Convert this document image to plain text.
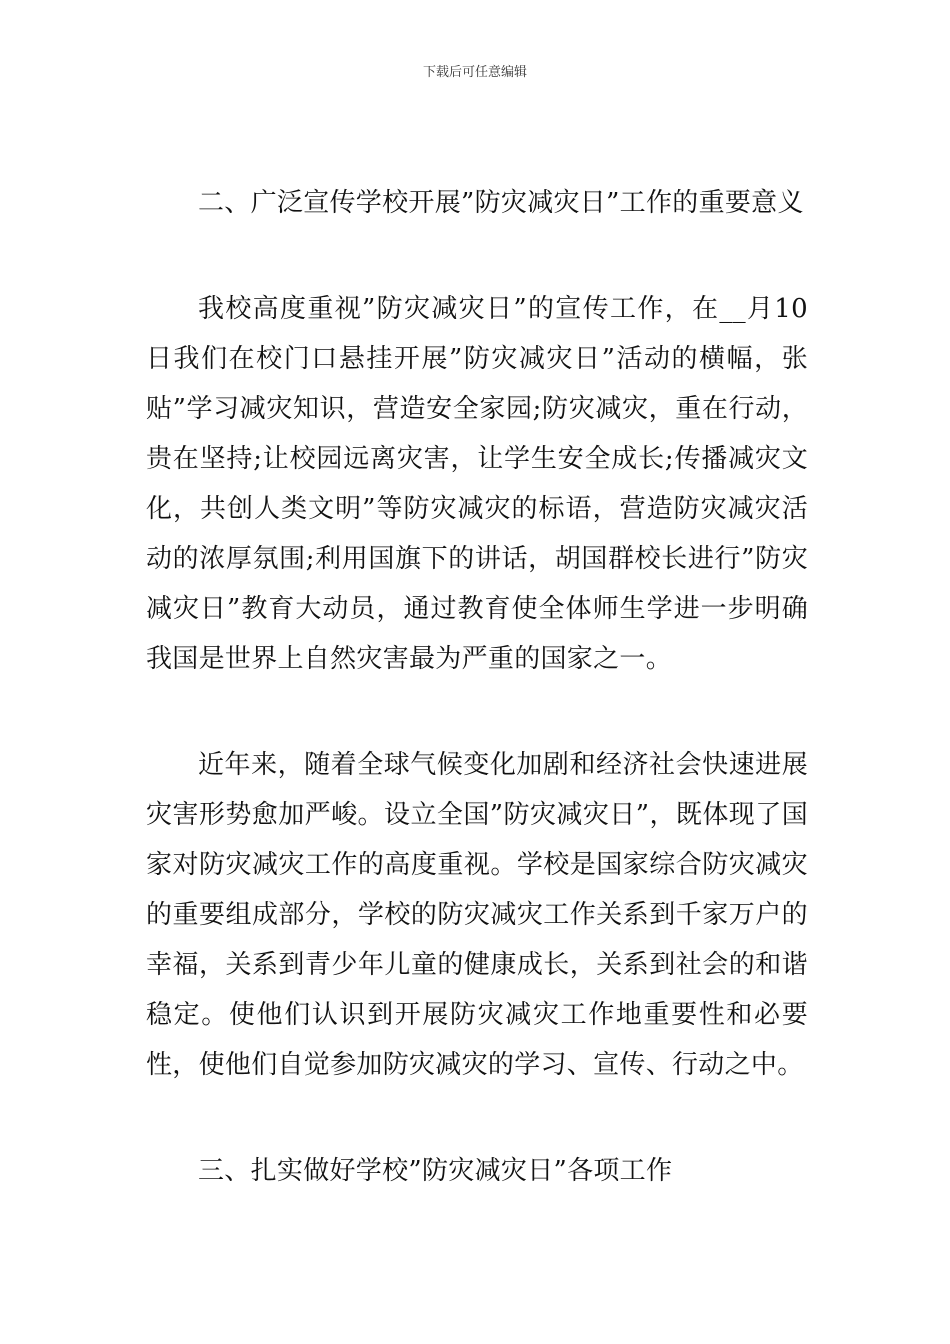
下载后可任意编辑

二、广泛宣传学校开展”防灾减灾日”工作的重要意义

我校高度重视”防灾减灾日”的宣传工作，在__月10日我们在校门口悬挂开展”防灾减灾日”活动的横幅，张贴”学习减灾知识，营造安全家园;防灾减灾，重在行动，贵在坚持;让校园远离灾害，让学生安全成长;传播减灾文化，共创人类文明”等防灾减灾的标语，营造防灾减灾活动的浓厚氛围;利用国旗下的讲话，胡国群校长进行”防灾减灾日”教育大动员，通过教育使全体师生学进一步明确我国是世界上自然灾害最为严重的国家之一。

近年来，随着全球气候变化加剧和经济社会快速进展灾害形势愈加严峻。设立全国”防灾减灾日”，既体现了国家对防灾减灾工作的高度重视。学校是国家综合防灾减灾的重要组成部分，学校的防灾减灾工作关系到千家万户的幸福，关系到青少年儿童的健康成长，关系到社会的和谐稳定。使他们认识到开展防灾减灾工作地重要性和必要性，使他们自觉参加防灾减灾的学习、宣传、行动之中。

三、扎实做好学校”防灾减灾日”各项工作
